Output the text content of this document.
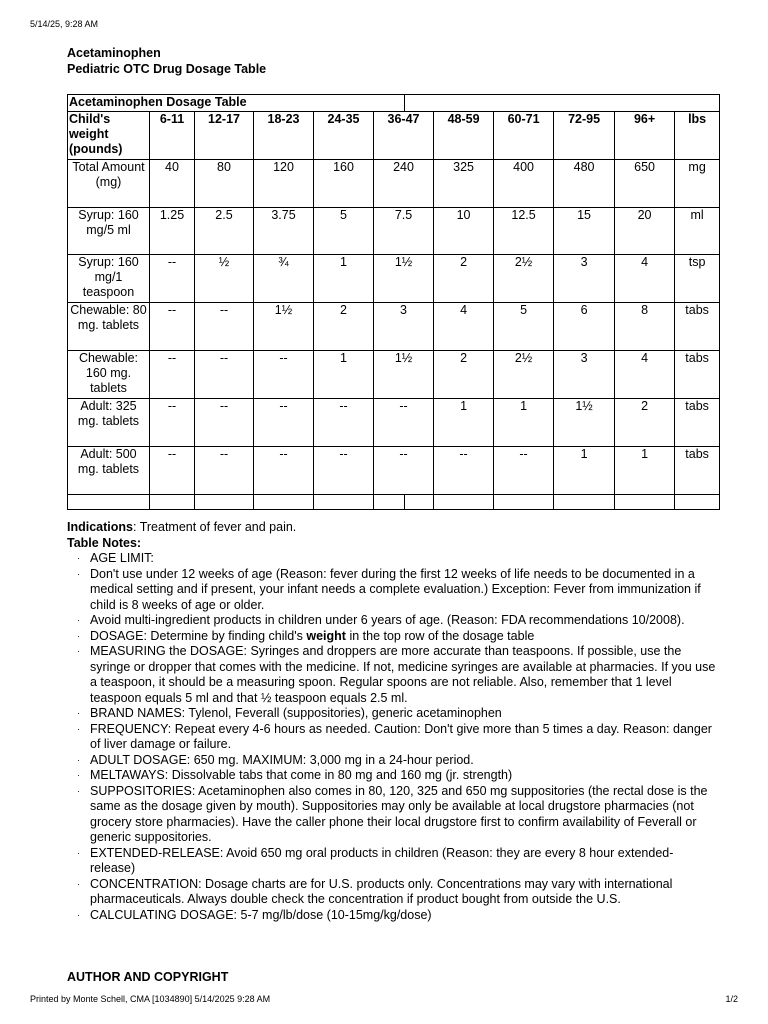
5/14/25, 9:28 AM
Acetaminophen
Pediatric OTC Drug Dosage Table
Acetaminophen Dosage Table											
Child's weight (pounds)	6-11	12-17	18-23	24-35	36-47		48-59	60-71	72-95	96+	lbs
Total Amount (mg)	40	80	120	160	240		325	400	480	650	mg
Syrup: 160 mg/5 ml	1.25	2.5	3.75	5	7.5		10	12.5	15	20	ml
Syrup: 160 mg/1 teaspoon	--	½	¾	1	1½		2	2½	3	4	tsp
Chewable: 80 mg. tablets	--	--	1½	2	3		4	5	6	8	tabs
Chewable: 160 mg. tablets	--	--	--	1	1½		2	2½	3	4	tabs
Adult: 325 mg. tablets	--	--	--	--	--		1	1	1½	2	tabs
Adult: 500 mg. tablets	--	--	--	--	--		--	--	1	1	tabs

Indications: Treatment of fever and pain.

Table Notes:

· AGE LIMIT:
· Don't use under 12 weeks of age (Reason: fever during the first 12 weeks of life needs to be documented in a medical setting and if present, your infant needs a complete evaluation.) Exception: Fever from immunization if child is 8 weeks of age or older.
· Avoid multi-ingredient products in children under 6 years of age. (Reason: FDA recommendations 10/2008).
· DOSAGE: Determine by finding child's weight in the top row of the dosage table
· MEASURING the DOSAGE: Syringes and droppers are more accurate than teaspoons. If possible, use the syringe or dropper that comes with the medicine. If not, medicine syringes are available at pharmacies. If you use a teaspoon, it should be a measuring spoon. Regular spoons are not reliable. Also, remember that 1 level teaspoon equals 5 ml and that ½ teaspoon equals 2.5 ml.
· BRAND NAMES: Tylenol, Feverall (suppositories), generic acetaminophen
· FREQUENCY: Repeat every 4-6 hours as needed. Caution: Don't give more than 5 times a day. Reason: danger of liver damage or failure.
· ADULT DOSAGE: 650 mg. MAXIMUM: 3,000 mg in a 24-hour period.
· MELTAWAYS: Dissolvable tabs that come in 80 mg and 160 mg (jr. strength)
· SUPPOSITORIES: Acetaminophen also comes in 80, 120, 325 and 650 mg suppositories (the rectal dose is the same as the dosage given by mouth). Suppositories may only be available at local drugstore pharmacies (not grocery store pharmacies). Have the caller phone their local drugstore first to confirm availability of Feverall or generic suppositories.
· EXTENDED-RELEASE: Avoid 650 mg oral products in children (Reason: they are every 8 hour extended-release)
· CONCENTRATION: Dosage charts are for U.S. products only. Concentrations may vary with international pharmaceuticals. Always double check the concentration if product bought from outside the U.S.
· CALCULATING DOSAGE: 5-7 mg/lb/dose (10-15mg/kg/dose)
AUTHOR AND COPYRIGHT
Printed by Monte Schell, CMA [1034890] 5/14/2025 9:28 AM	1/2
